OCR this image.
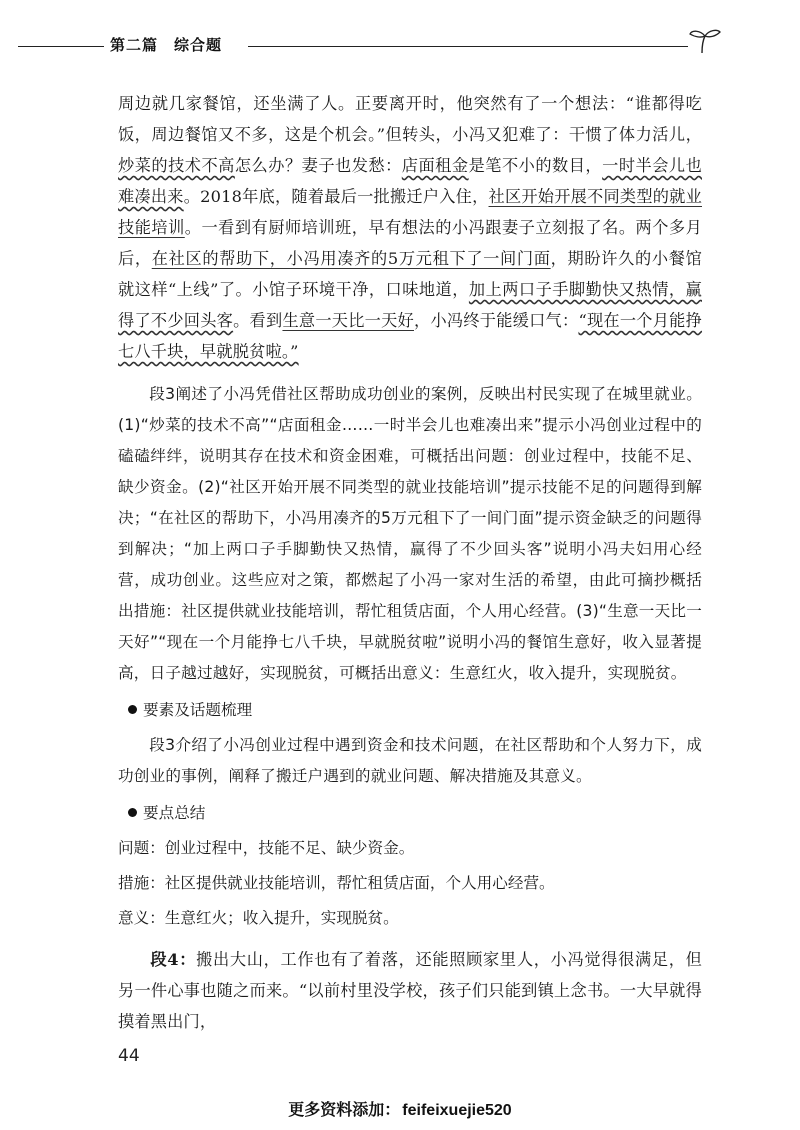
第二篇　综合题

周边就几家餐馆，还坐满了人。正要离开时，他突然有了一个想法：“谁都得吃饭，周边餐馆又不多，这是个机会。”但转头，小冯又犯难了：干惯了体力活儿，炒菜的技术不高怎么办？妻子也发愁：店面租金是笔不小的数目，一时半会儿也难凑出来。2018年底，随着最后一批搬迁户入住，社区开始开展不同类型的就业技能培训。一看到有厨师培训班，早有想法的小冯跟妻子立刻报了名。两个多月后，在社区的帮助下，小冯用凑齐的5万元租下了一间门面，期盼许久的小餐馆就这样“上线”了。小馆子环境干净，口味地道，加上两口子手脚勤快又热情，赢得了不少回头客。看到生意一天比一天好，小冯终于能缓口气：“现在一个月能挣七八千块，早就脱贫啦。”

段3阐述了小冯凭借社区帮助成功创业的案例，反映出村民实现了在城里就业。(1)“炒菜的技术不高”“店面租金……一时半会儿也难凑出来”提示小冯创业过程中的磕磕绊绊，说明其存在技术和资金困难，可概括出问题：创业过程中，技能不足、缺少资金。(2)“社区开始开展不同类型的就业技能培训”提示技能不足的问题得到解决；“在社区的帮助下，小冯用凑齐的5万元租下了一间门面”提示资金缺乏的问题得到解决；“加上两口子手脚勤快又热情，赢得了不少回头客”说明小冯夫妇用心经营，成功创业。这些应对之策，都燃起了小冯一家对生活的希望，由此可摘抄概括出措施：社区提供就业技能培训，帮忙租赁店面，个人用心经营。(3)“生意一天比一天好”“现在一个月能挣七八千块，早就脱贫啦”说明小冯的餐馆生意好，收入显著提高，日子越过越好，实现脱贫，可概括出意义：生意红火，收入提升，实现脱贫。

要素及话题梳理

段3介绍了小冯创业过程中遇到资金和技术问题，在社区帮助和个人努力下，成功创业的事例，阐释了搬迁户遇到的就业问题、解决措施及其意义。

要点总结

问题：创业过程中，技能不足、缺少资金。

措施：社区提供就业技能培训，帮忙租赁店面，个人用心经营。

意义：生意红火；收入提升，实现脱贫。

段4：搬出大山，工作也有了着落，还能照顾家里人，小冯觉得很满足，但另一件心事也随之而来。“以前村里没学校，孩子们只能到镇上念书。一大早就得摸着黑出门，

44
更多资料添加： feifeixuejie520
